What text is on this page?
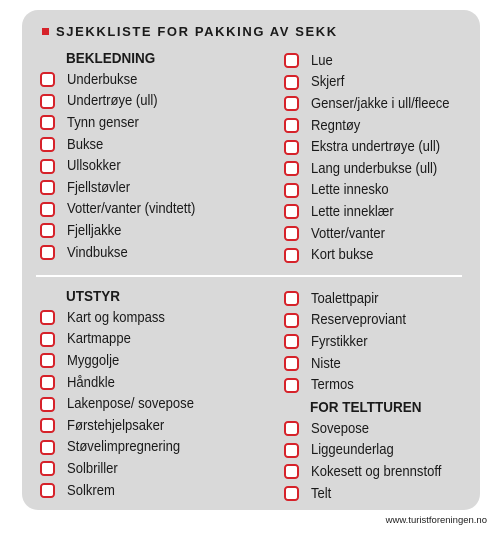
SJEKKLISTE FOR PAKKING AV SEKK
BEKLEDNING
Underbukse
Undertrøye (ull)
Tynn genser
Bukse
Ullsokker
Fjellstøvler
Votter/vanter (vindtett)
Fjelljakke
Vindbukse
Lue
Skjerf
Genser/jakke i ull/fleece
Regntøy
Ekstra undertrøye (ull)
Lang underbukse (ull)
Lette innesko
Lette inneklær
Votter/vanter
Kort bukse
UTSTYR
Kart og kompass
Kartmappe
Myggolje
Håndkle
Lakenpose/ sovepose
Førstehjelpsaker
Støvelimpregnering
Solbriller
Solkrem
Toalettpapir
Reserveproviant
Fyrstikker
Niste
Termos
FOR TELTTUREN
Sovepose
Liggeunderlag
Kokesett og brennstoff
Telt
www.turistforeningen.no
